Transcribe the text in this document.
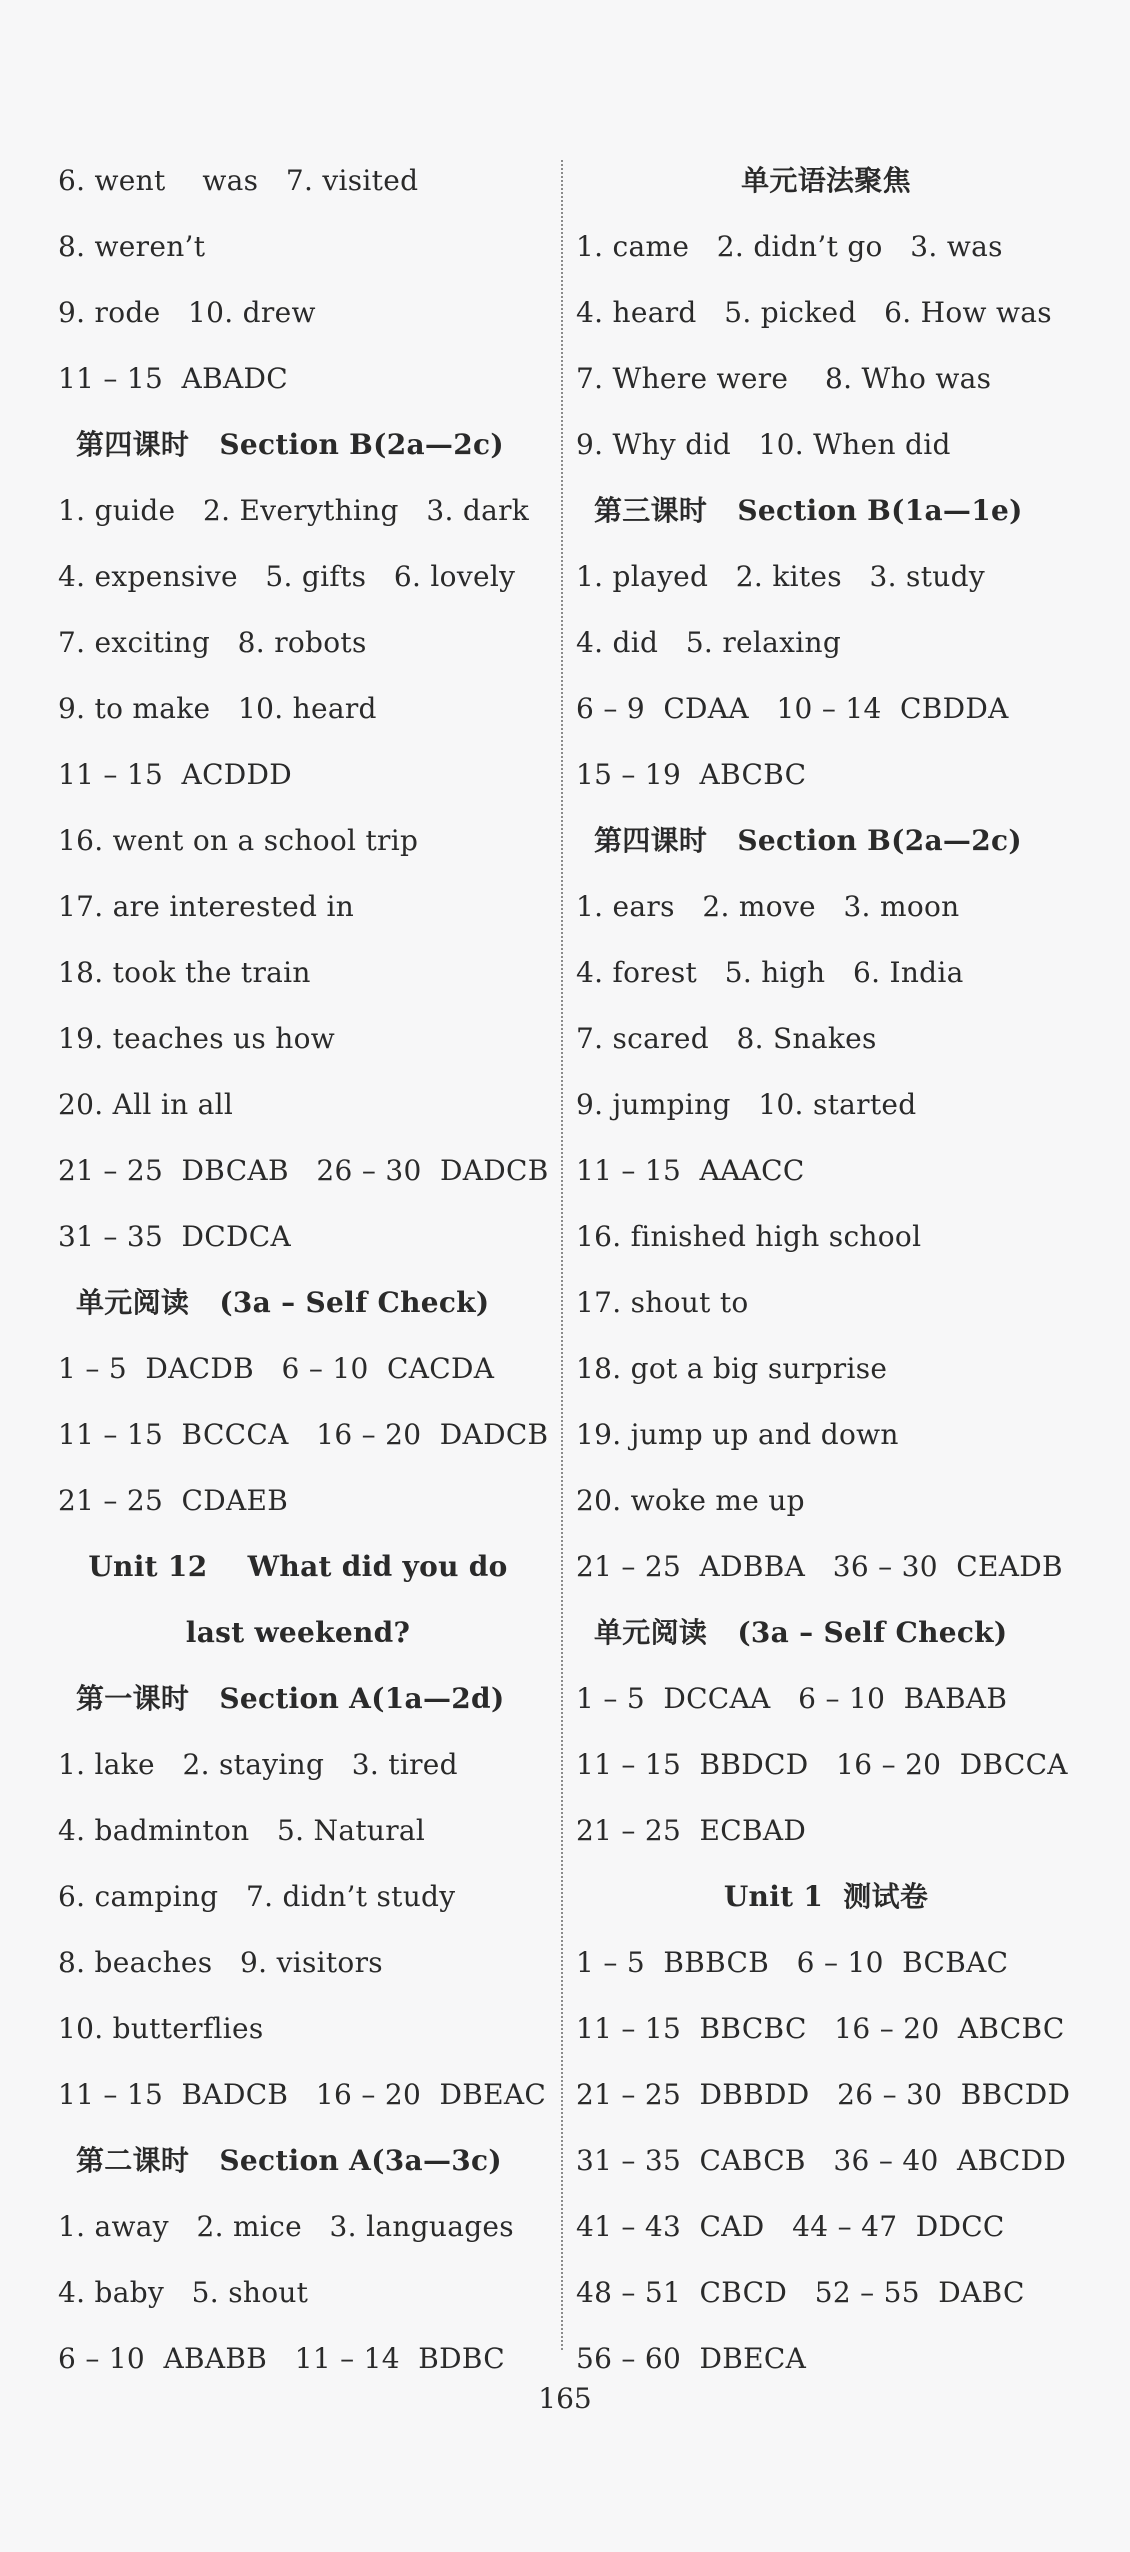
6. went    was   7. visited
8. weren’t
9. rode   10. drew
11 – 15  ABADC
第四课时   Section B(2a—2c)
1. guide   2. Everything   3. dark
4. expensive   5. gifts   6. lovely
7. exciting   8. robots
9. to make   10. heard
11 – 15  ACDDD
16. went on a school trip
17. are interested in
18. took the train
19. teaches us how
20. All in all
21 – 25  DBCAB   26 – 30  DADCB
31 – 35  DCDCA
单元阅读   (3a – Self Check)
1 – 5  DACDB   6 – 10  CACDA
11 – 15  BCCCA   16 – 20  DADCB
21 – 25  CDAEB
Unit 12    What did you do
last weekend?
第一课时   Section A(1a—2d)
1. lake   2. staying   3. tired
4. badminton   5. Natural
6. camping   7. didn’t study
8. beaches   9. visitors
10. butterflies
11 – 15  BADCB   16 – 20  DBEAC
第二课时   Section A(3a—3c)
1. away   2. mice   3. languages
4. baby   5. shout
6 – 10  ABABB   11 – 14  BDBC
单元语法聚焦
1. came   2. didn’t go   3. was
4. heard   5. picked   6. How was
7. Where were    8. Who was
9. Why did   10. When did
第三课时   Section B(1a—1e)
1. played   2. kites   3. study
4. did   5. relaxing
6 – 9  CDAA   10 – 14  CBDDA
15 – 19  ABCBC
第四课时   Section B(2a—2c)
1. ears   2. move   3. moon
4. forest   5. high   6. India
7. scared   8. Snakes
9. jumping   10. started
11 – 15  AAACC
16. finished high school
17. shout to
18. got a big surprise
19. jump up and down
20. woke me up
21 – 25  ADBBA   36 – 30  CEADB
单元阅读   (3a – Self Check)
1 – 5  DCCAA   6 – 10  BABAB
11 – 15  BBDCD   16 – 20  DBCCA
21 – 25  ECBAD
Unit 1  测试卷
1 – 5  BBBCB   6 – 10  BCBAC
11 – 15  BBCBC   16 – 20  ABCBC
21 – 25  DBBDD   26 – 30  BBCDD
31 – 35  CABCB   36 – 40  ABCDD
41 – 43  CAD   44 – 47  DDCC
48 – 51  CBCD   52 – 55  DABC
56 – 60  DBECA
165
